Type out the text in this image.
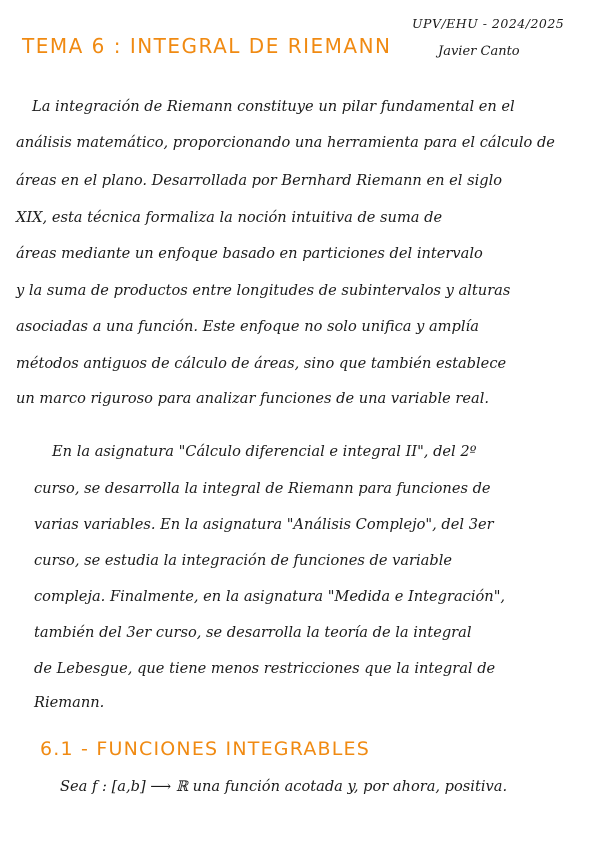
TEMA 6 : INTEGRAL DE RIEMANN
UPV/EHU - 2024/2025
Javier Canto
La integración de Riemann constituye un pilar fundamental en el
análisis matemático, proporcionando una herramienta para el cálculo de
áreas en el plano. Desarrollada por Bernhard Riemann en el siglo
XIX, esta técnica formaliza la noción intuitiva de suma de
áreas mediante un enfoque basado en particiones del intervalo
y la suma de productos entre longitudes de subintervalos y alturas
asociadas a una función. Este enfoque no solo unifica y amplía
métodos antiguos de cálculo de áreas, sino que también establece
un marco riguroso para analizar funciones de una variable real.
En la asignatura "Cálculo diferencial e integral II", del 2º
curso, se desarrolla la integral de Riemann para funciones de
varias variables. En la asignatura "Análisis Complejo", del 3er
curso, se estudia la integración de funciones de variable
compleja. Finalmente, en la asignatura "Medida e Integración",
también del 3er curso, se desarrolla la teoría de la integral
de Lebesgue, que tiene menos restricciones que la integral de
Riemann.
6.1 - FUNCIONES INTEGRABLES
Sea f : [a,b] ⟶ ℝ una función acotada y, por ahora, positiva.
